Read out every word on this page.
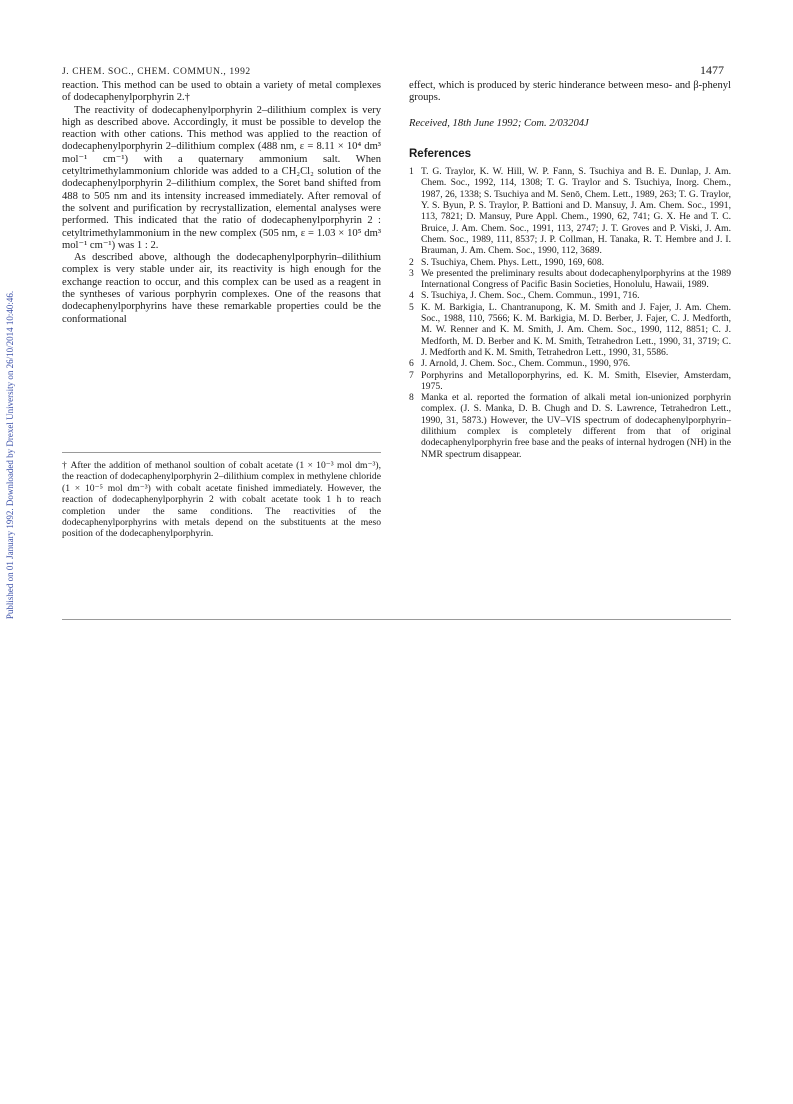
J. CHEM. SOC., CHEM. COMMUN., 1992	1477
Published on 01 January 1992. Downloaded by Drexel University on 26/10/2014 10:40:46.

reaction. This method can be used to obtain a variety of metal complexes of dodecaphenylporphyrin 2.†

The reactivity of dodecaphenylporphyrin 2–dilithium complex is very high as described above. Accordingly, it must be possible to develop the reaction with other cations. This method was applied to the reaction of dodecaphenylporphyrin 2–dilithium complex (488 nm, ε = 8.11 × 10⁴ dm³ mol⁻¹ cm⁻¹) with a quaternary ammonium salt. When cetyltrimethylammonium chloride was added to a CH₂Cl₂ solution of the dodecaphenylporphyrin 2–dilithium complex, the Soret band shifted from 488 to 505 nm and its intensity increased immediately. After removal of the solvent and purification by recrystallization, elemental analyses were performed. This indicated that the ratio of dodecaphenylporphyrin 2 : cetyltrimethylammonium in the new complex (505 nm, ε = 1.03 × 10⁵ dm³ mol⁻¹ cm⁻¹) was 1 : 2.

As described above, although the dodecaphenylporphyrin–dilithium complex is very stable under air, its reactivity is high enough for the exchange reaction to occur, and this complex can be used as a reagent in the syntheses of various porphyrin complexes. One of the reasons that dodecaphenylporphyrins have these remarkable properties could be the conformational

† After the addition of methanol soultion of cobalt acetate (1 × 10⁻³ mol dm⁻³), the reaction of dodecaphenylporphyrin 2–dilithium complex in methylene chloride (1 × 10⁻⁵ mol dm⁻³) with cobalt acetate finished immediately. However, the reaction of dodecaphenylporphyrin 2 with cobalt acetate took 1 h to reach completion under the same conditions. The reactivities of the dodecaphenylporphyrins with metals depend on the substituents at the meso position of the dodecaphenylporphyrin.

effect, which is produced by steric hinderance between meso- and β-phenyl groups.

Received, 18th June 1992; Com. 2/03204J

References
1 T. G. Traylor, K. W. Hill, W. P. Fann, S. Tsuchiya and B. E. Dunlap, J. Am. Chem. Soc., 1992, 114, 1308; T. G. Traylor and S. Tsuchiya, Inorg. Chem., 1987, 26, 1338; S. Tsuchiya and M. Senō, Chem. Lett., 1989, 263; T. G. Traylor, Y. S. Byun, P. S. Traylor, P. Battioni and D. Mansuy, J. Am. Chem. Soc., 1991, 113, 7821; D. Mansuy, Pure Appl. Chem., 1990, 62, 741; G. X. He and T. C. Bruice, J. Am. Chem. Soc., 1991, 113, 2747; J. T. Groves and P. Viski, J. Am. Chem. Soc., 1989, 111, 8537; J. P. Collman, H. Tanaka, R. T. Hembre and J. I. Brauman, J. Am. Chem. Soc., 1990, 112, 3689.
2 S. Tsuchiya, Chem. Phys. Lett., 1990, 169, 608.
3 We presented the preliminary results about dodecaphenylporphyrins at the 1989 International Congress of Pacific Basin Societies, Honolulu, Hawaii, 1989.
4 S. Tsuchiya, J. Chem. Soc., Chem. Commun., 1991, 716.
5 K. M. Barkigia, L. Chantranupong, K. M. Smith and J. Fajer, J. Am. Chem. Soc., 1988, 110, 7566; K. M. Barkigia, M. D. Berber, J. Fajer, C. J. Medforth, M. W. Renner and K. M. Smith, J. Am. Chem. Soc., 1990, 112, 8851; C. J. Medforth, M. D. Berber and K. M. Smith, Tetrahedron Lett., 1990, 31, 3719; C. J. Medforth and K. M. Smith, Tetrahedron Lett., 1990, 31, 5586.
6 J. Arnold, J. Chem. Soc., Chem. Commun., 1990, 976.
7 Porphyrins and Metalloporphyrins, ed. K. M. Smith, Elsevier, Amsterdam, 1975.
8 Manka et al. reported the formation of alkali metal ion-unionized porphyrin complex. (J. S. Manka, D. B. Chugh and D. S. Lawrence, Tetrahedron Lett., 1990, 31, 5873.) However, the UV–VIS spectrum of dodecaphenylporphyrin–dilithium complex is completely different from that of original dodecaphenylporphyrin free base and the peaks of internal hydrogen (NH) in the NMR spectrum disappear.
